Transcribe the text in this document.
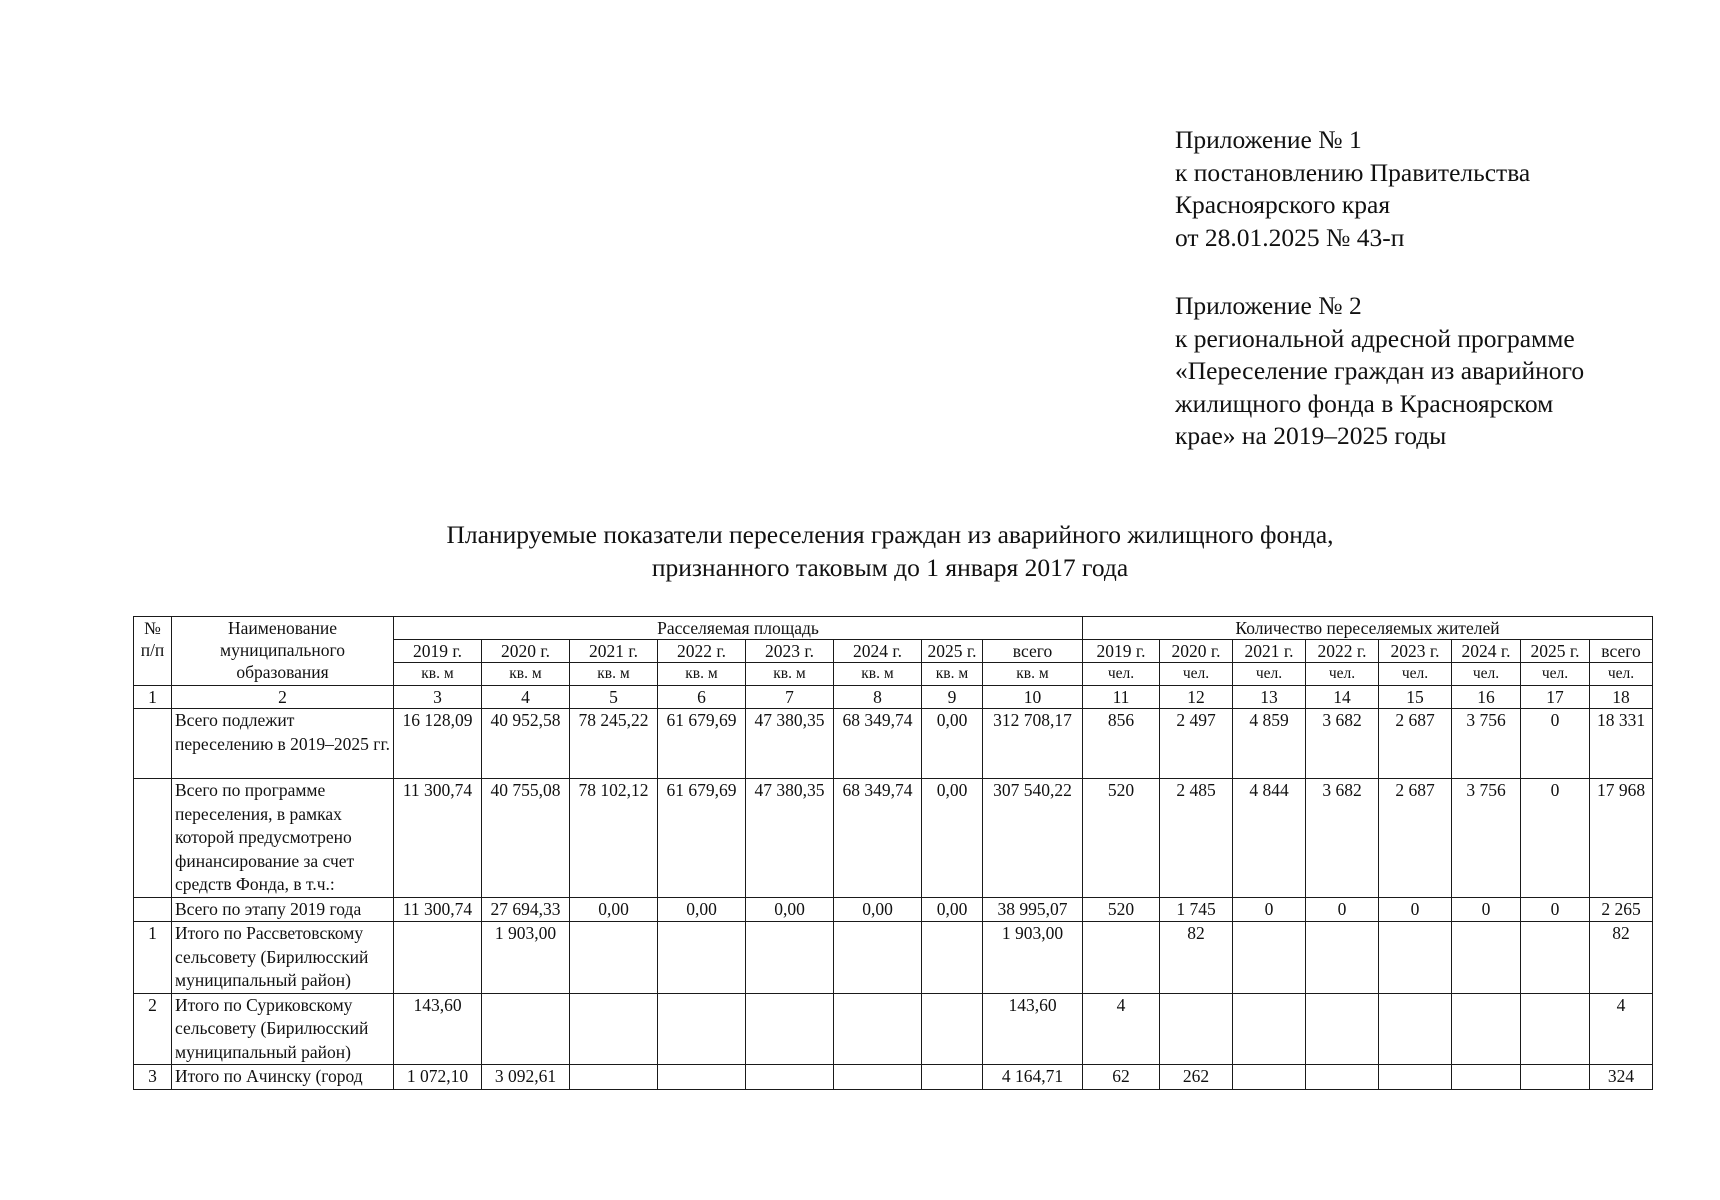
Приложение № 1
к постановлению Правительства
Красноярского края
от 28.01.2025 № 43-п
Приложение № 2
к региональной адресной программе
«Переселение граждан из аварийного
жилищного фонда в Красноярском
крае» на 2019–2025 годы
Планируемые показатели переселения граждан из аварийного жилищного фонда,
признанного таковым до 1 января 2017 года
№ п/п	Наименование муниципального образования	Расселяемая площадь								Количество переселяемых жителей							
		2019 г.	2020 г.	2021 г.	2022 г.	2023 г.	2024 г.	2025 г.	всего	2019 г.	2020 г.	2021 г.	2022 г.	2023 г.	2024 г.	2025 г.	всего
		кв. м	кв. м	кв. м	кв. м	кв. м	кв. м	кв. м	кв. м	чел.	чел.	чел.	чел.	чел.	чел.	чел.	чел.
1	2	3	4	5	6	7	8	9	10	11	12	13	14	15	16	17	18
	Всего подлежит переселению в 2019–2025 гг.	16 128,09	40 952,58	78 245,22	61 679,69	47 380,35	68 349,74	0,00	312 708,17	856	2 497	4 859	3 682	2 687	3 756	0	18 331
	Всего по программе переселения, в рамках которой предусмотрено финансирование за счет средств Фонда, в т.ч.:	11 300,74	40 755,08	78 102,12	61 679,69	47 380,35	68 349,74	0,00	307 540,22	520	2 485	4 844	3 682	2 687	3 756	0	17 968
	Всего по этапу 2019 года	11 300,74	27 694,33	0,00	0,00	0,00	0,00	0,00	38 995,07	520	1 745	0	0	0	0	0	2 265
1	Итого по Рассветовскому сельсовету (Бирилюсский муниципальный район)		1 903,00						1 903,00		82						82
2	Итого по Суриковскому сельсовету (Бирилюсский муниципальный район)	143,60							143,60	4							4
3	Итого по Ачинску (город	1 072,10	3 092,61						4 164,71	62	262						324
